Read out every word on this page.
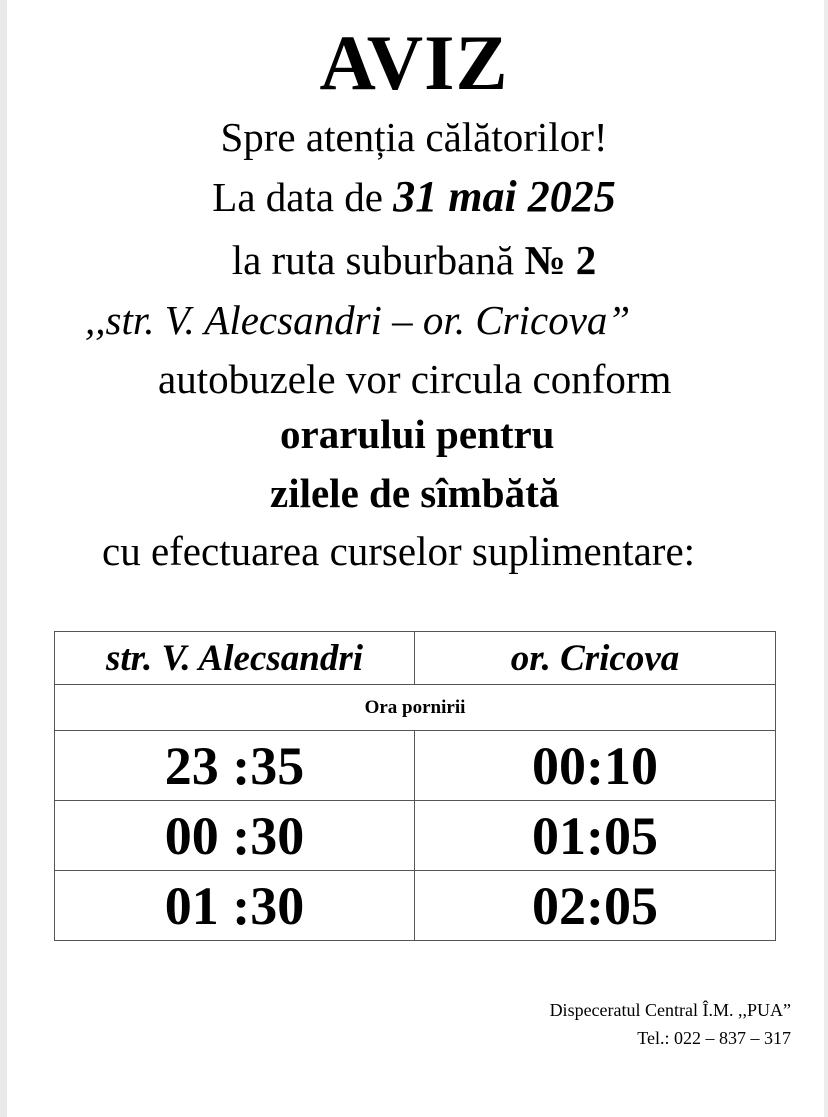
AVIZ
Spre atenția călătorilor!
La data de 31 mai 2025
la ruta suburbană № 2
,,str. V. Alecsandri – or. Cricova”
autobuzele vor circula conform
orarului pentru
zilele de sîmbătă
cu efectuarea curselor suplimentare:
str. V. Alecsandri	or. Cricova
Ora pornirii	
23 :35	00:10
00 :30	01:05
01 :30	02:05
Dispeceratul Central Î.M. ,,PUA”
Tel.: 022 – 837 – 317
